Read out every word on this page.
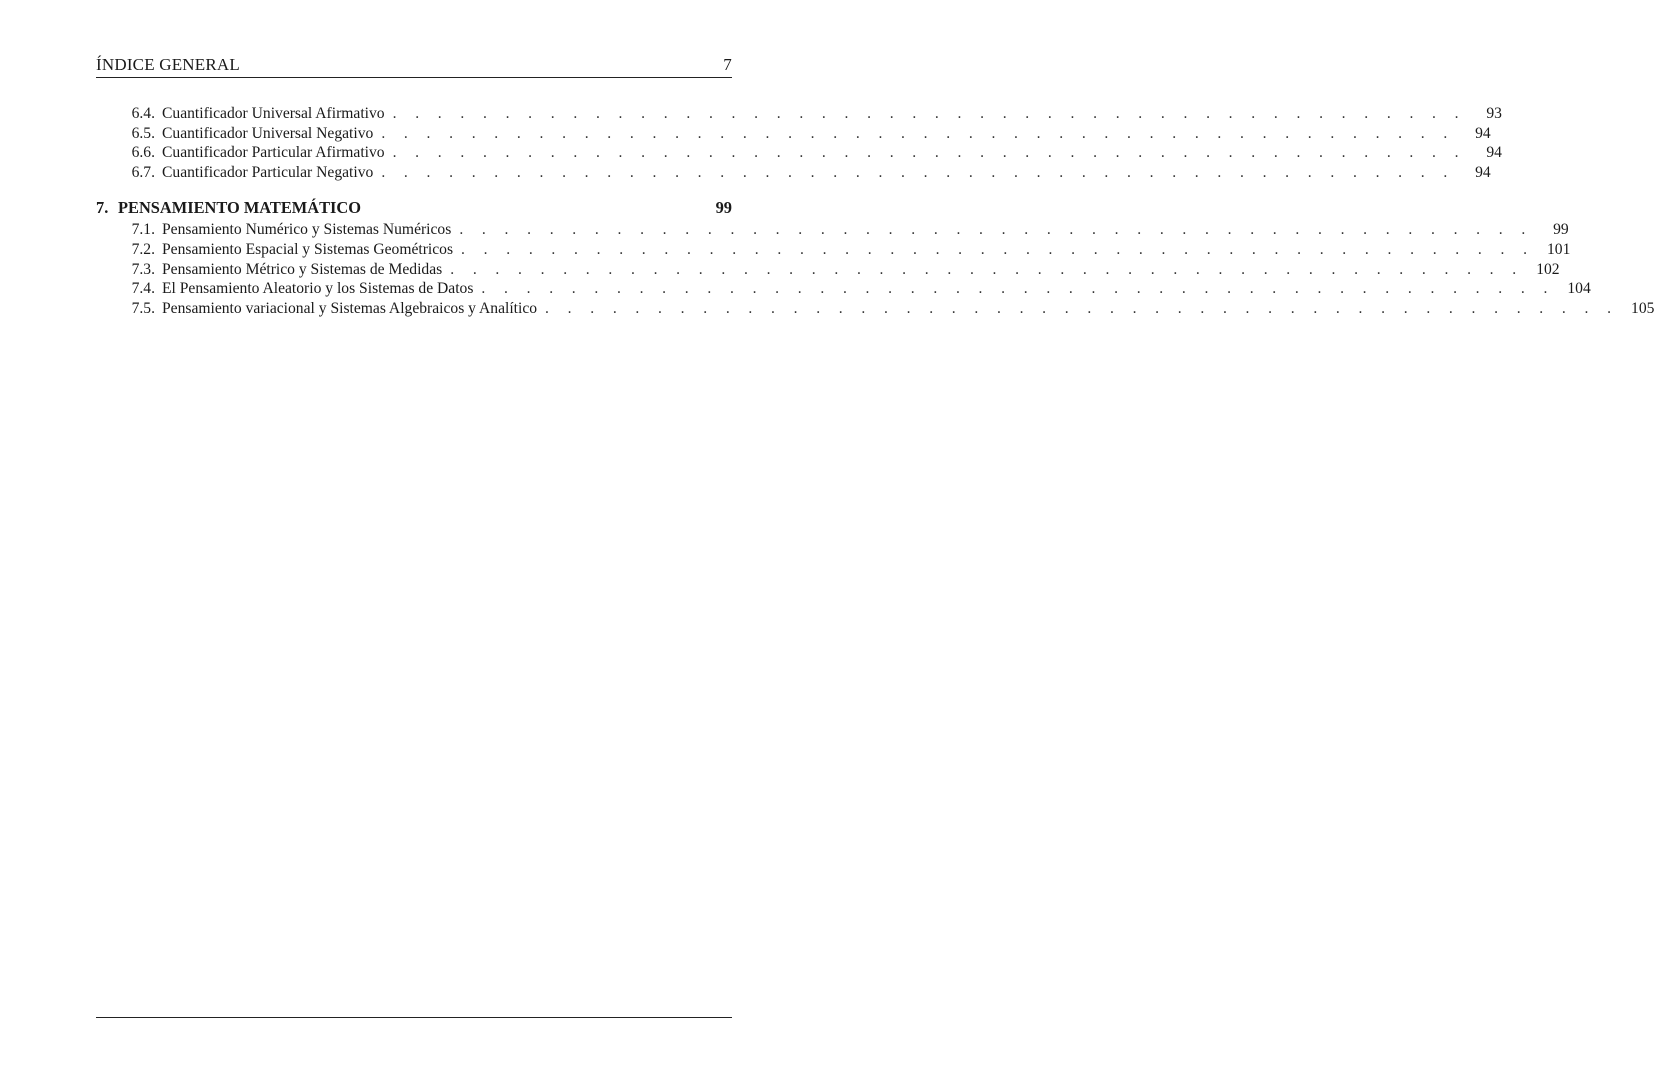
ÍNDICE GENERAL	7
6.4. Cuantificador Universal Afirmativo . . . . . . . . . . . . . . . . . . . . . . . . . . . . . . . . . . . . . . . . . . . . . . . .	93
6.5. Cuantificador Universal Negativo . . . . . . . . . . . . . . . . . . . . . . . . . . . . . . . . . . . . . . . . . . . . . . . .	94
6.6. Cuantificador Particular Afirmativo . . . . . . . . . . . . . . . . . . . . . . . . . . . . . . . . . . . . . . . . . . . . . . . .	94
6.7. Cuantificador Particular Negativo . . . . . . . . . . . . . . . . . . . . . . . . . . . . . . . . . . . . . . . . . . . . . . . .	94
7. PENSAMIENTO MATEMÁTICO	99
7.1. Pensamiento Numérico y Sistemas Numéricos . . . . . . . . . . . . . . . . . . . . . . . . . . . . . . . . . . . . . . . . . . . . . . . .	99
7.2. Pensamiento Espacial y Sistemas Geométricos . . . . . . . . . . . . . . . . . . . . . . . . . . . . . . . . . . . . . . . . . . . . . . . . 101
7.3. Pensamiento Métrico y Sistemas de Medidas . . . . . . . . . . . . . . . . . . . . . . . . . . . . . . . . . . . . . . . . . . . . . . . . 102
7.4. El Pensamiento Aleatorio y los Sistemas de Datos . . . . . . . . . . . . . . . . . . . . . . . . . . . . . . . . . . . . . . . . . . . . . . . . 104
7.5. Pensamiento variacional y Sistemas Algebraicos y Analítico . . . . . . . . . . . . . . . . . . . . . . . . . . . . . . . . . . . . . . . . . . . . . . . . 105
